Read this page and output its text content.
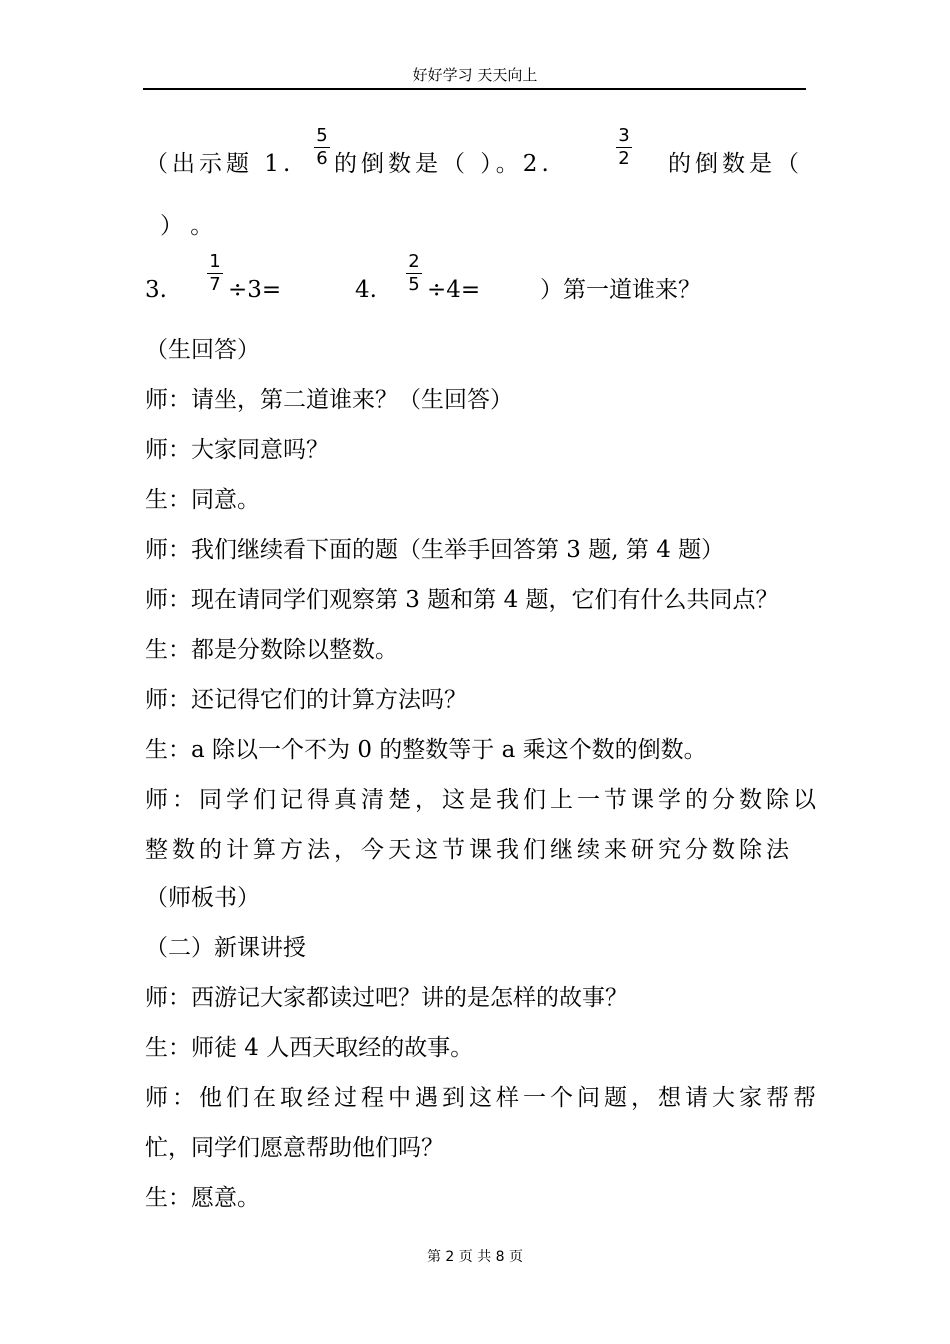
好好学习 天天向上
（出示题 1.
5
6 的倒数是（ ）。2.
3
2 的倒数是（
） 。
3.
1
7 ÷3=	4.
2
5 ÷4=	）第一道谁来？
（生回答）
师：请坐，第二道谁来？（生回答）
师：大家同意吗？
生：同意。
师：我们继续看下面的题（生举手回答第 3 题, 第 4 题）
师：现在请同学们观察第 3 题和第 4 题，它们有什么共同点？
生：都是分数除以整数。
师：还记得它们的计算方法吗？
生：a 除以一个不为 0 的整数等于 a 乘这个数的倒数。
师：同学们记得真清楚，这是我们上一节课学的分数除以
整数的计算方法，今天这节课我们继续来研究分数除法
（师板书）
（二）新课讲授
师：西游记大家都读过吧？讲的是怎样的故事？
生：师徒 4 人西天取经的故事。
师：他们在取经过程中遇到这样一个问题，想请大家帮帮
忙，同学们愿意帮助他们吗？
生：愿意。
第 2 页 共 8 页
